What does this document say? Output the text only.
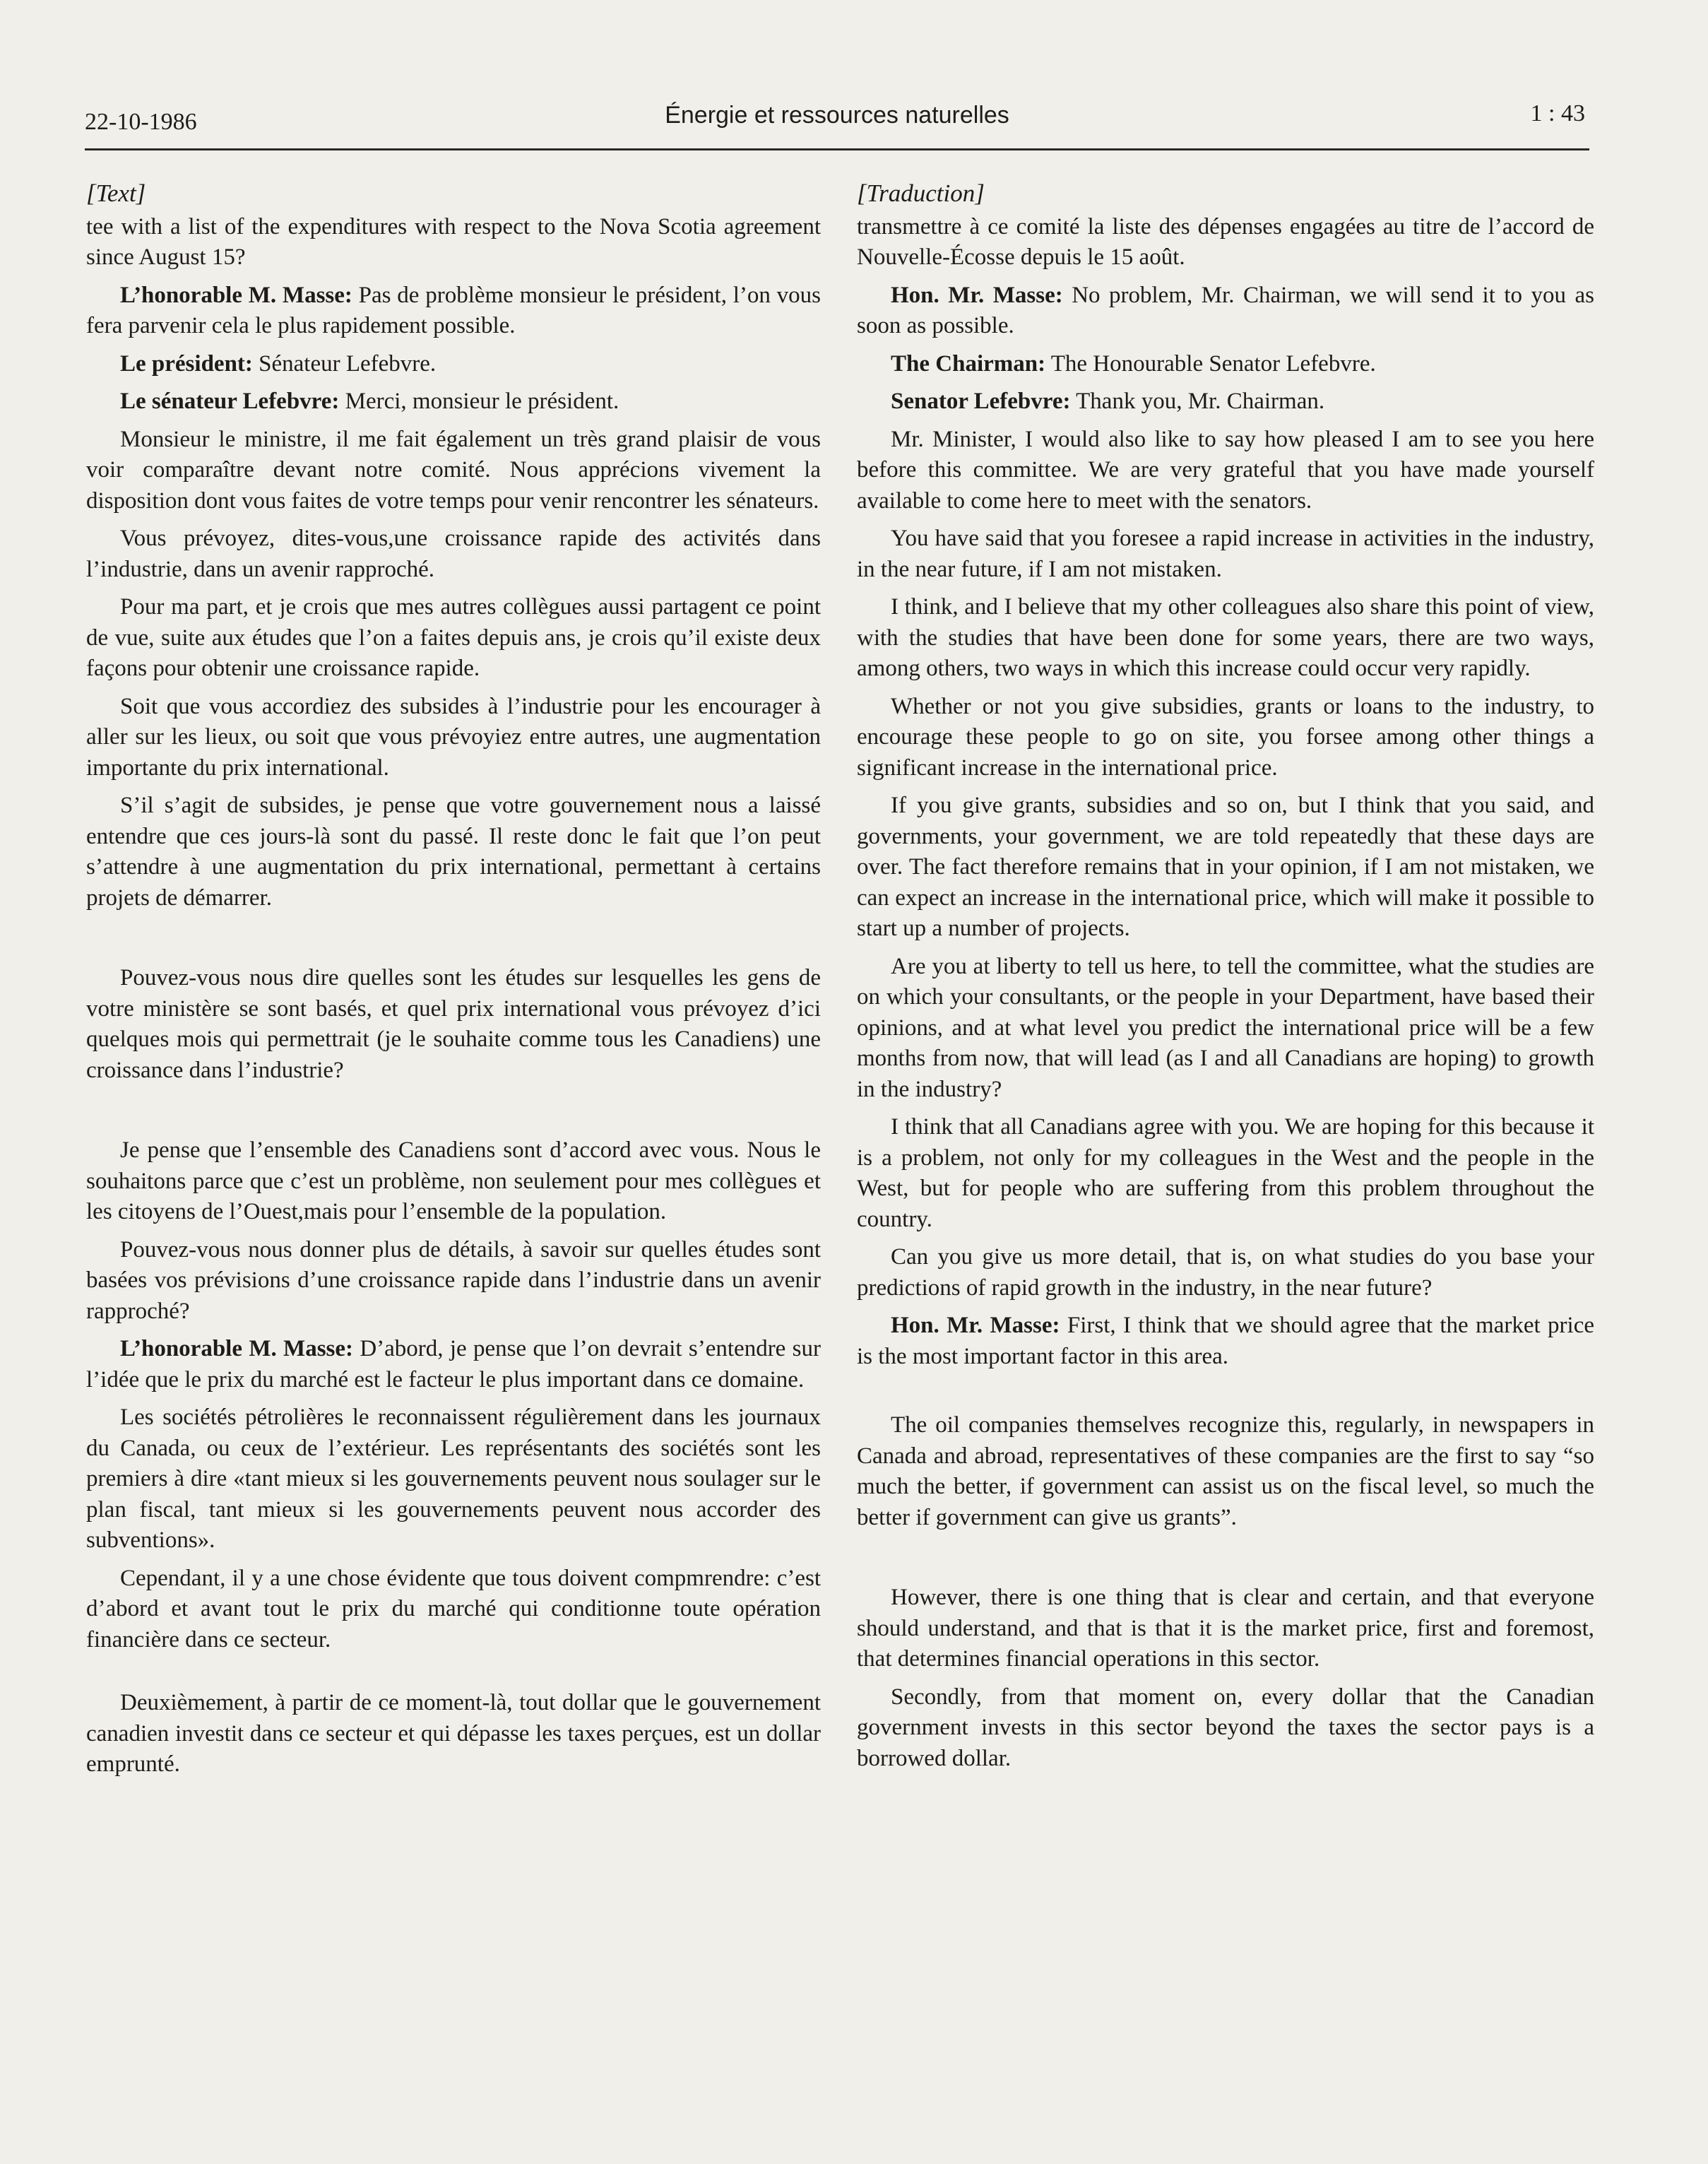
22-10-1986	Énergie et ressources naturelles	1 : 43
[Text]

tee with a list of the expenditures with respect to the Nova Scotia agreement since August 15?

L’honorable M. Masse: Pas de problème monsieur le président, l’on vous fera parvenir cela le plus rapidement possible.

Le président: Sénateur Lefebvre.

Le sénateur Lefebvre: Merci, monsieur le président.

Monsieur le ministre, il me fait également un très grand plaisir de vous voir comparaître devant notre comité. Nous apprécions vivement la disposition dont vous faites de votre temps pour venir rencontrer les sénateurs.

Vous prévoyez, dites-vous,une croissance rapide des activités dans l’industrie, dans un avenir rapproché.

Pour ma part, et je crois que mes autres collègues aussi partagent ce point de vue, suite aux études que l’on a faites depuis ans, je crois qu’il existe deux façons pour obtenir une croissance rapide.

Soit que vous accordiez des subsides à l’industrie pour les encourager à aller sur les lieux, ou soit que vous prévoyiez entre autres, une augmentation importante du prix international.

S’il s’agit de subsides, je pense que votre gouvernement nous a laissé entendre que ces jours-là sont du passé. Il reste donc le fait que l’on peut s’attendre à une augmentation du prix international, permettant à certains projets de démarrer.

Pouvez-vous nous dire quelles sont les études sur lesquelles les gens de votre ministère se sont basés, et quel prix international vous prévoyez d’ici quelques mois qui permettrait (je le souhaite comme tous les Canadiens) une croissance dans l’industrie?

Je pense que l’ensemble des Canadiens sont d’accord avec vous. Nous le souhaitons parce que c’est un problème, non seulement pour mes collègues et les citoyens de l’Ouest,mais pour l’ensemble de la population.

Pouvez-vous nous donner plus de détails, à savoir sur quelles études sont basées vos prévisions d’une croissance rapide dans l’industrie dans un avenir rapproché?

L’honorable M. Masse: D’abord, je pense que l’on devrait s’entendre sur l’idée que le prix du marché est le facteur le plus important dans ce domaine.

Les sociétés pétrolières le reconnaissent régulièrement dans les journaux du Canada, ou ceux de l’extérieur. Les représentants des sociétés sont les premiers à dire «tant mieux si les gouvernements peuvent nous soulager sur le plan fiscal, tant mieux si les gouvernements peuvent nous accorder des subventions».

Cependant, il y a une chose évidente que tous doivent compmrendre: c’est d’abord et avant tout le prix du marché qui conditionne toute opération financière dans ce secteur.

Deuxièmement, à partir de ce moment-là, tout dollar que le gouvernement canadien investit dans ce secteur et qui dépasse les taxes perçues, est un dollar emprunté.

[Traduction]

transmettre à ce comité la liste des dépenses engagées au titre de l’accord de Nouvelle-Écosse depuis le 15 août.

Hon. Mr. Masse: No problem, Mr. Chairman, we will send it to you as soon as possible.

The Chairman: The Honourable Senator Lefebvre.

Senator Lefebvre: Thank you, Mr. Chairman.

Mr. Minister, I would also like to say how pleased I am to see you here before this committee. We are very grateful that you have made yourself available to come here to meet with the senators.

You have said that you foresee a rapid increase in activities in the industry, in the near future, if I am not mistaken.

I think, and I believe that my other colleagues also share this point of view, with the studies that have been done for some years, there are two ways, among others, two ways in which this increase could occur very rapidly.

Whether or not you give subsidies, grants or loans to the industry, to encourage these people to go on site, you forsee among other things a significant increase in the international price.

If you give grants, subsidies and so on, but I think that you said, and governments, your government, we are told repeatedly that these days are over. The fact therefore remains that in your opinion, if I am not mistaken, we can expect an increase in the international price, which will make it possible to start up a number of projects.

Are you at liberty to tell us here, to tell the committee, what the studies are on which your consultants, or the people in your Department, have based their opinions, and at what level you predict the international price will be a few months from now, that will lead (as I and all Canadians are hoping) to growth in the industry?

I think that all Canadians agree with you. We are hoping for this because it is a problem, not only for my colleagues in the West and the people in the West, but for people who are suffering from this problem throughout the country.

Can you give us more detail, that is, on what studies do you base your predictions of rapid growth in the industry, in the near future?

Hon. Mr. Masse: First, I think that we should agree that the market price is the most important factor in this area.

The oil companies themselves recognize this, regularly, in newspapers in Canada and abroad, representatives of these companies are the first to say “so much the better, if government can assist us on the fiscal level, so much the better if government can give us grants”.

However, there is one thing that is clear and certain, and that everyone should understand, and that is that it is the market price, first and foremost, that determines financial operations in this sector.

Secondly, from that moment on, every dollar that the Canadian government invests in this sector beyond the taxes the sector pays is a borrowed dollar.
